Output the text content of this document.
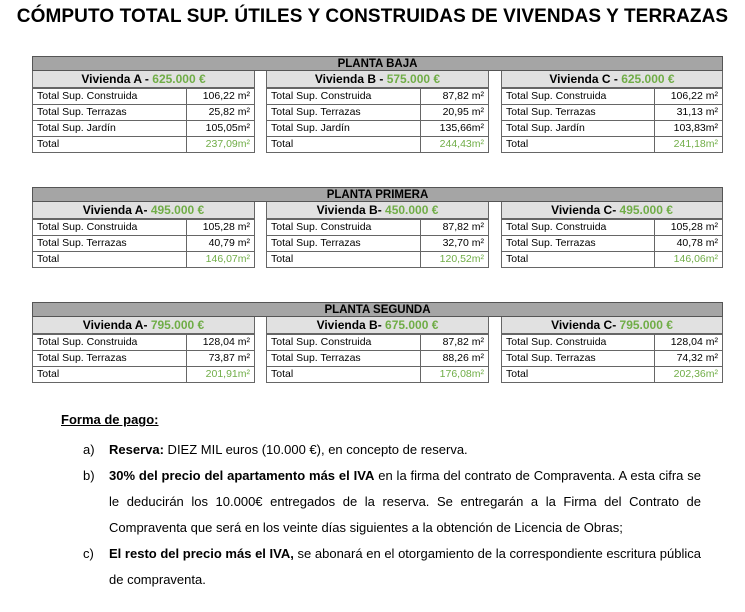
CÓMPUTO TOTAL SUP. ÚTILES Y CONSTRUIDAS DE VIVENDAS Y TERRAZAS
PLANTA BAJA
Vivienda A - 625.000 €
Total Sup. Construida	106,22 m²
Total Sup. Terrazas	25,82 m²
Total Sup. Jardín	105,05m²
Total	237,09m²
Vivienda B - 575.000 €
Total Sup. Construida	87,82 m²
Total Sup. Terrazas	20,95 m²
Total Sup. Jardín	135,66m²
Total	244,43m²
Vivienda C - 625.000 €
Total Sup. Construida	106,22 m²
Total Sup. Terrazas	31,13 m²
Total Sup. Jardín	103,83m²
Total	241,18m²
PLANTA PRIMERA
Vivienda A- 495.000 €
Total Sup. Construida	105,28 m²
Total Sup. Terrazas	40,79 m²
Total	146,07m²
Vivienda B- 450.000 €
Total Sup. Construida	87,82 m²
Total Sup. Terrazas	32,70 m²
Total	120,52m²
Vivienda C- 495.000 €
Total Sup. Construida	105,28 m²
Total Sup. Terrazas	40,78 m²
Total	146,06m²
PLANTA SEGUNDA
Vivienda A- 795.000 €
Total Sup. Construida	128,04 m²
Total Sup. Terrazas	73,87 m²
Total	201,91m²
Vivienda B- 675.000 €
Total Sup. Construida	87,82 m²
Total Sup. Terrazas	88,26 m²
Total	176,08m²
Vivienda C- 795.000 €
Total Sup. Construida	128,04 m²
Total Sup. Terrazas	74,32 m²
Total	202,36m²
Forma de pago:
a) Reserva: DIEZ MIL euros (10.000 €), en concepto de reserva.
b) 30% del precio del apartamento más el IVA en la firma del contrato de Compraventa. A esta cifra se le deducirán los 10.000€ entregados de la reserva. Se entregarán a la Firma del Contrato de Compraventa que será en los veinte días siguientes a la obtención de Licencia de Obras;
c) El resto del precio más el IVA, se abonará en el otorgamiento de la correspondiente escritura pública de compraventa.
